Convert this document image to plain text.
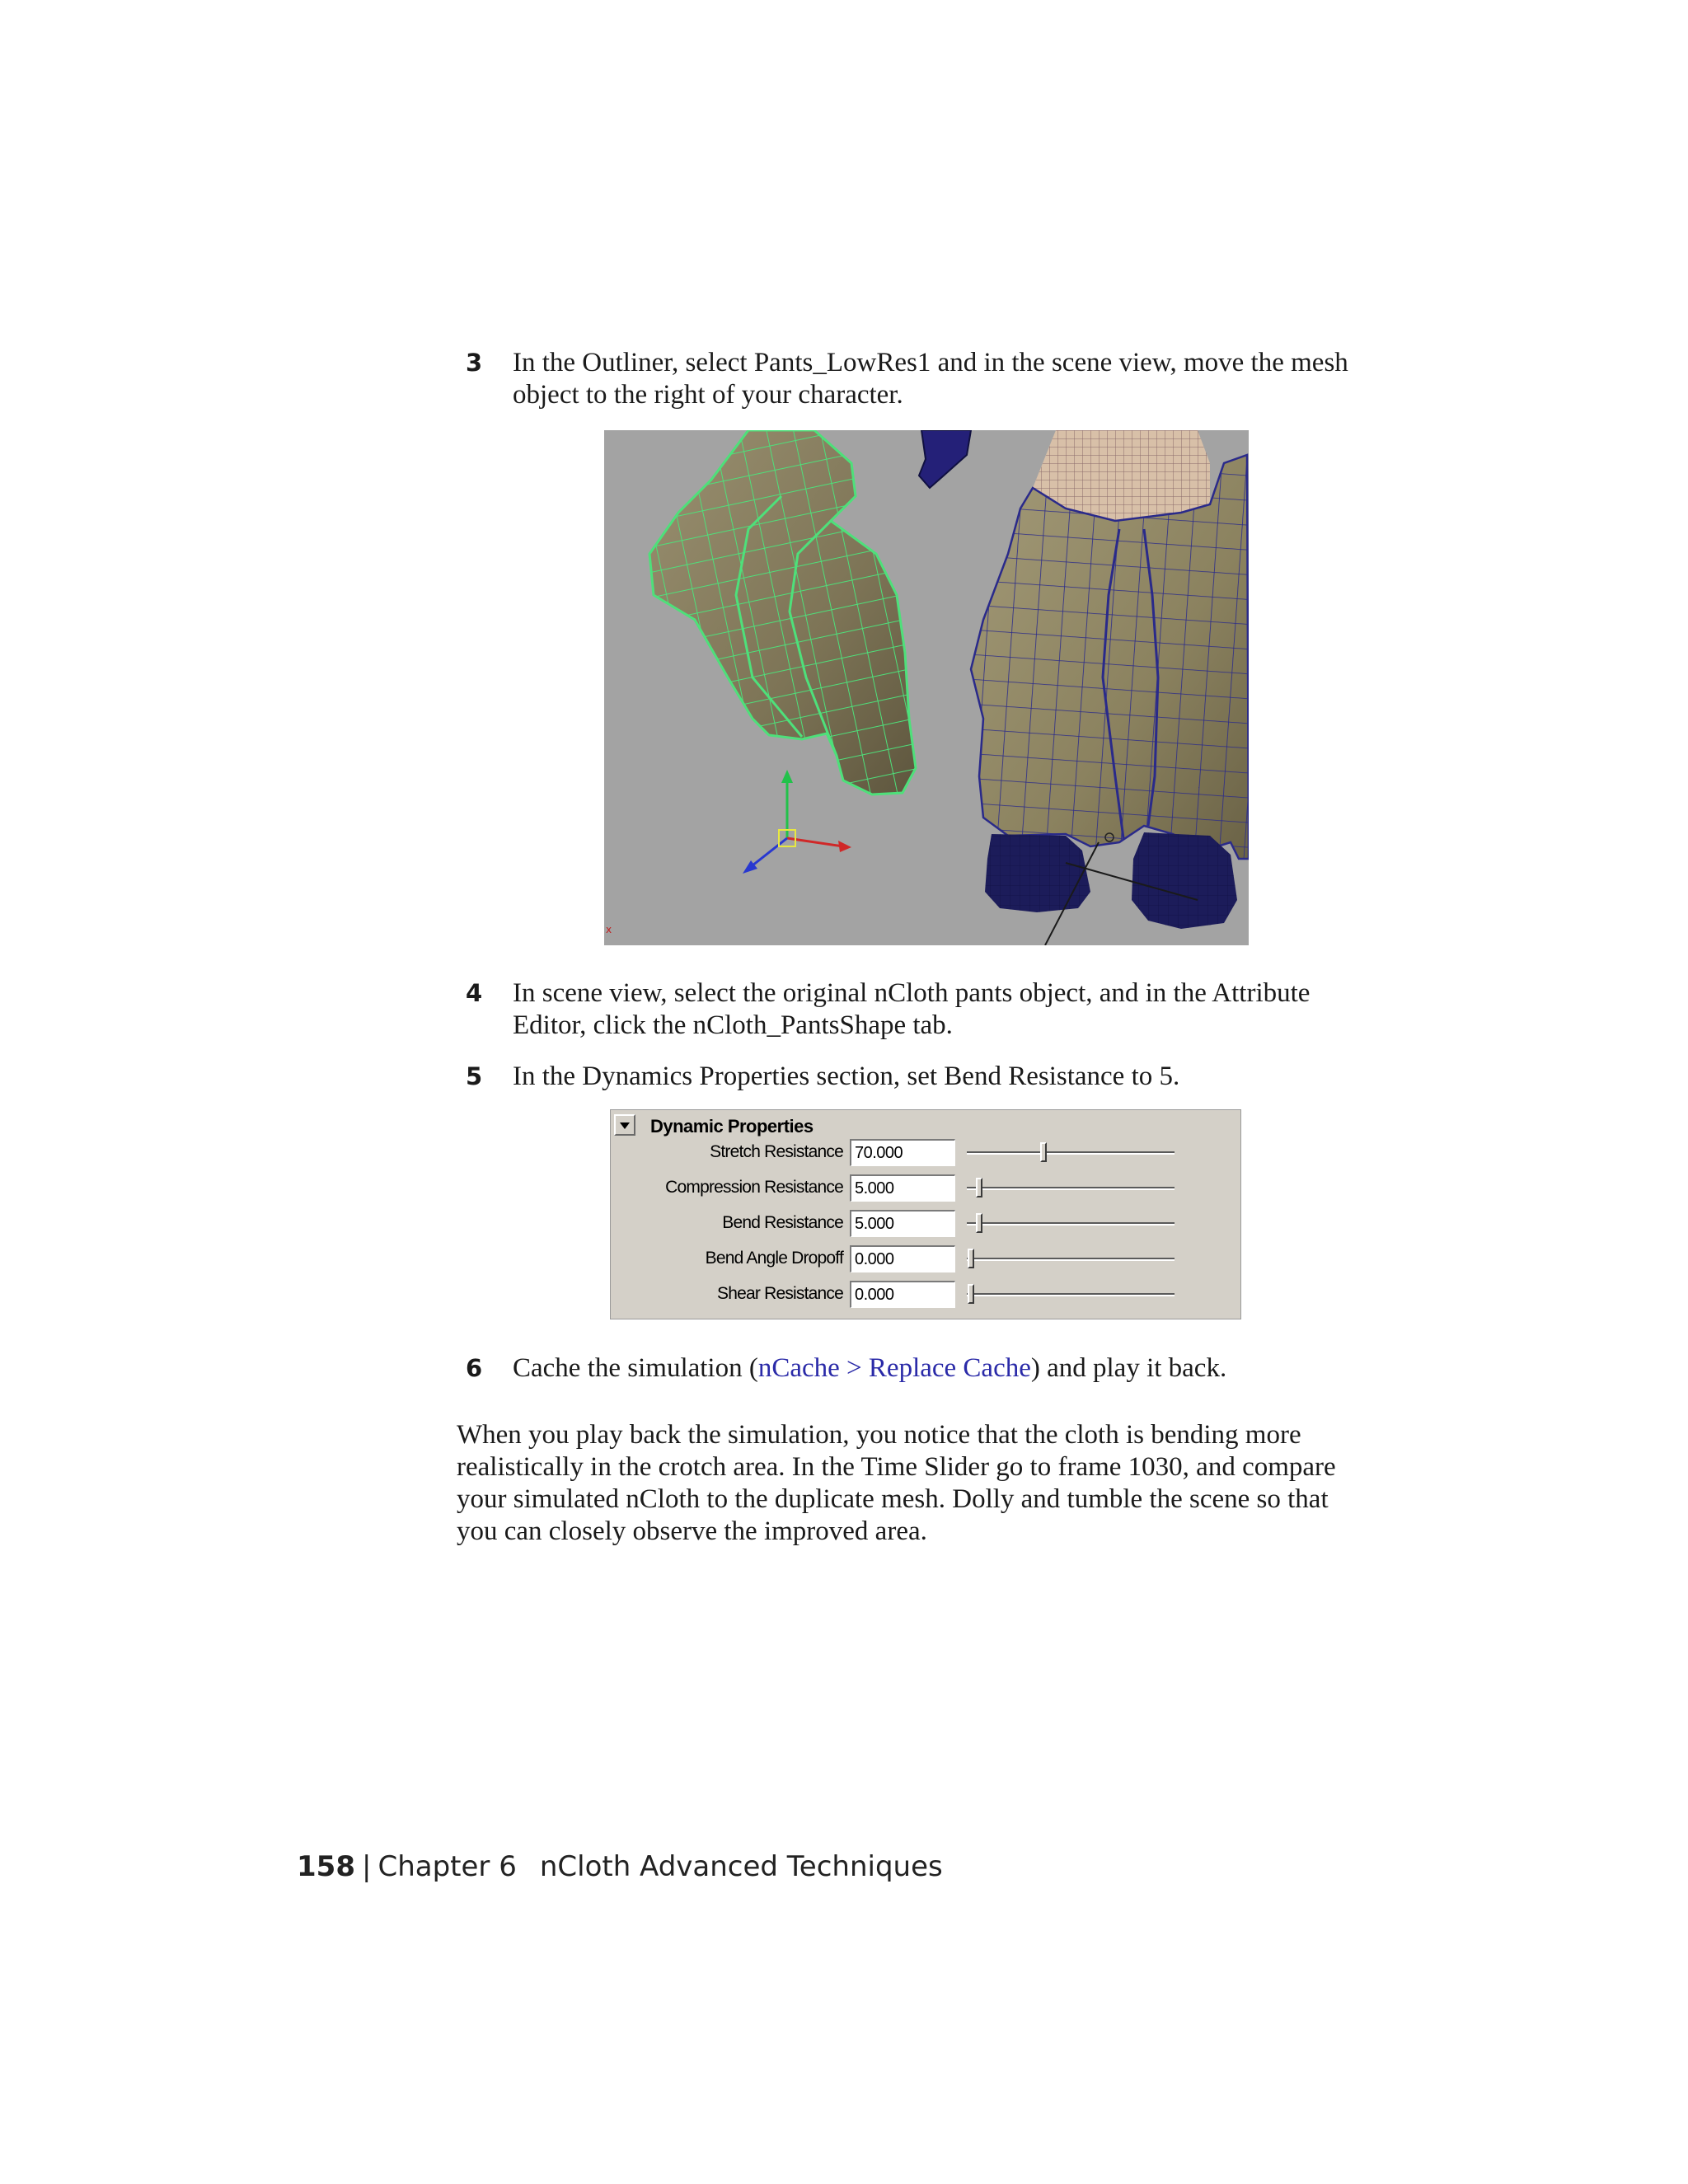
3 In the Outliner, select Pants_LowRes1 and in the scene view, move the mesh object to the right of your character.

x
4 In scene view, select the original nCloth pants object, and in the Attribute Editor, click the nCloth_PantsShape tab.

5 In the Dynamics Properties section, set Bend Resistance to 5.

Dynamic Properties
Stretch Resistance 70.000
Compression Resistance 5.000
Bend Resistance 5.000
Bend Angle Dropoff 0.000
Shear Resistance 0.000
6 Cache the simulation (nCache > Replace Cache) and play it back.

When you play back the simulation, you notice that the cloth is bending more realistically in the crotch area. In the Time Slider go to frame 1030, and compare your simulated nCloth to the duplicate mesh. Dolly and tumble the scene so that you can closely observe the improved area.

158 | Chapter 6 nCloth Advanced Techniques
